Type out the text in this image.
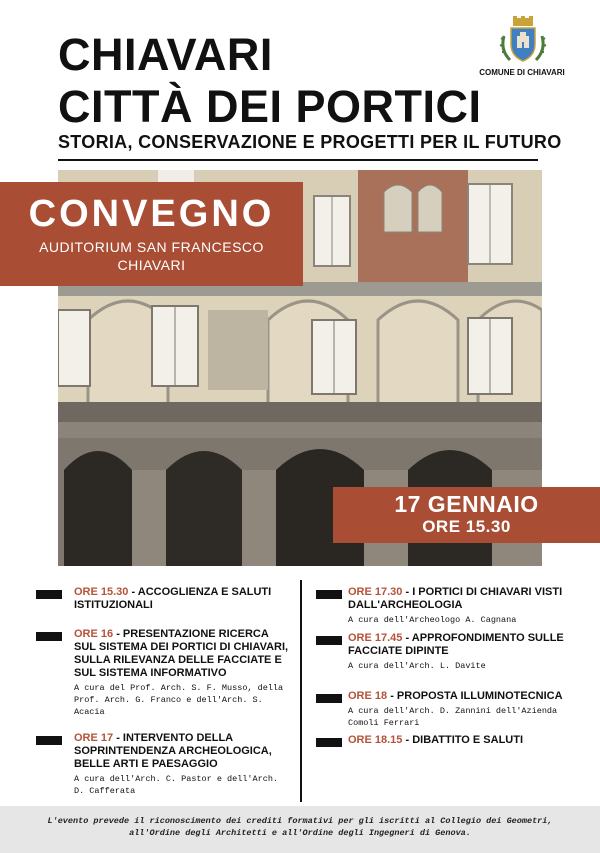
CHIAVARI
CITTÀ DEI PORTICI
STORIA, CONSERVAZIONE E PROGETTI PER IL FUTURO
COMUNE DI CHIAVARI
CONVEGNO
AUDITORIUM SAN FRANCESCO
CHIAVARI
17 GENNAIO
ORE 15.30
ORE 15.30 - ACCOGLIENZA E SALUTI ISTITUZIONALI
ORE 16 - PRESENTAZIONE RICERCA SUL SISTEMA DEI PORTICI DI CHIAVARI, SULLA RILEVANZA DELLE FACCIATE E SUL SISTEMA INFORMATIVO
A cura del Prof. Arch. S. F. Musso, della Prof. Arch. G. Franco e dell'Arch. S. Acacia
ORE 17 - INTERVENTO DELLA SOPRINTENDENZA ARCHEOLOGICA, BELLE ARTI E PAESAGGIO
A cura dell'Arch. C. Pastor e dell'Arch. D. Cafferata
ORE 17.30 - I PORTICI DI CHIAVARI VISTI DALL'ARCHEOLOGIA
A cura dell'Archeologo A. Cagnana
ORE 17.45 - APPROFONDIMENTO SULLE FACCIATE DIPINTE
A cura dell'Arch. L. Davite
ORE 18 - PROPOSTA ILLUMINOTECNICA
A cura dell'Arch. D. Zannini dell'Azienda Comoli Ferrari
ORE 18.15 - DIBATTITO E SALUTI
L'evento prevede il riconoscimento dei crediti formativi per gli iscritti al Collegio dei Geometri,
all'Ordine degli Architetti e all'Ordine degli Ingegneri di Genova.
